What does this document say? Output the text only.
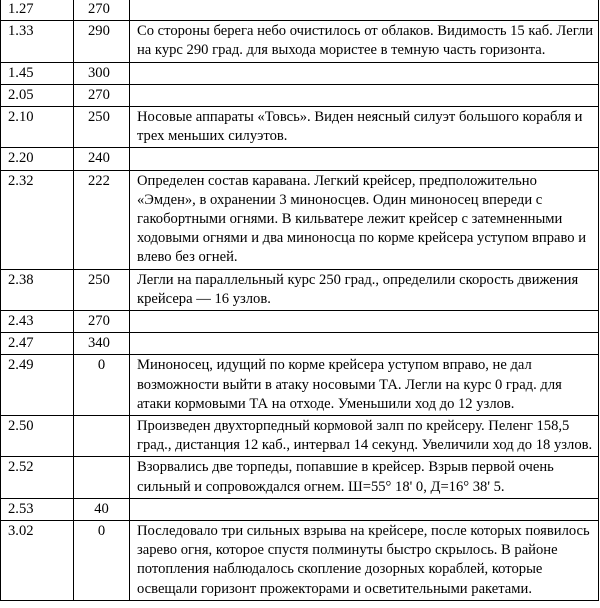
1.27	270	
1.33	290	Со стороны берега небо очистилось от облаков. Видимость 15 каб. Легли на курс 290 град. для выхода мористее в темную часть горизонта.
1.45	300	
2.05	270	
2.10	250	Носовые аппараты «Товсь». Виден неясный силуэт большого корабля и трех меньших силуэтов.
2.20	240	
2.32	222	Определен состав каравана. Легкий крейсер, предположительно «Эмден», в охранении 3 миноносцев. Один миноносец впереди с гакобортными огнями. В кильватере лежит крейсер с затемненными ходовыми огнями и два миноносца по корме крейсера уступом вправо и влево без огней.
2.38	250	Легли на параллельный курс 250 град., определили скорость движения крейсера — 16 узлов.
2.43	270	
2.47	340	
2.49	0	Миноносец, идущий по корме крейсера уступом вправо, не дал возможности выйти в атаку носовыми ТА. Легли на курс 0 град. для атаки кормовыми ТА на отходе. Уменьшили ход до 12 узлов.
2.50		Произведен двухторпедный кормовой залп по крейсеру. Пеленг 158,5 град., дистанция 12 каб., интервал 14 секунд. Увеличили ход до 18 узлов.
2.52		Взорвались две торпеды, попавшие в крейсер. Взрыв первой очень сильный и сопровождался огнем. Ш=55° 18' 0, Д=16° 38' 5.
2.53	40	
3.02	0	Последовало три сильных взрыва на крейсере, после которых появилось зарево огня, которое спустя полминуты быстро скрылось. В районе потопления наблюдалось скопление дозорных кораблей, которые освещали горизонт прожекторами и осветительными ракетами.
